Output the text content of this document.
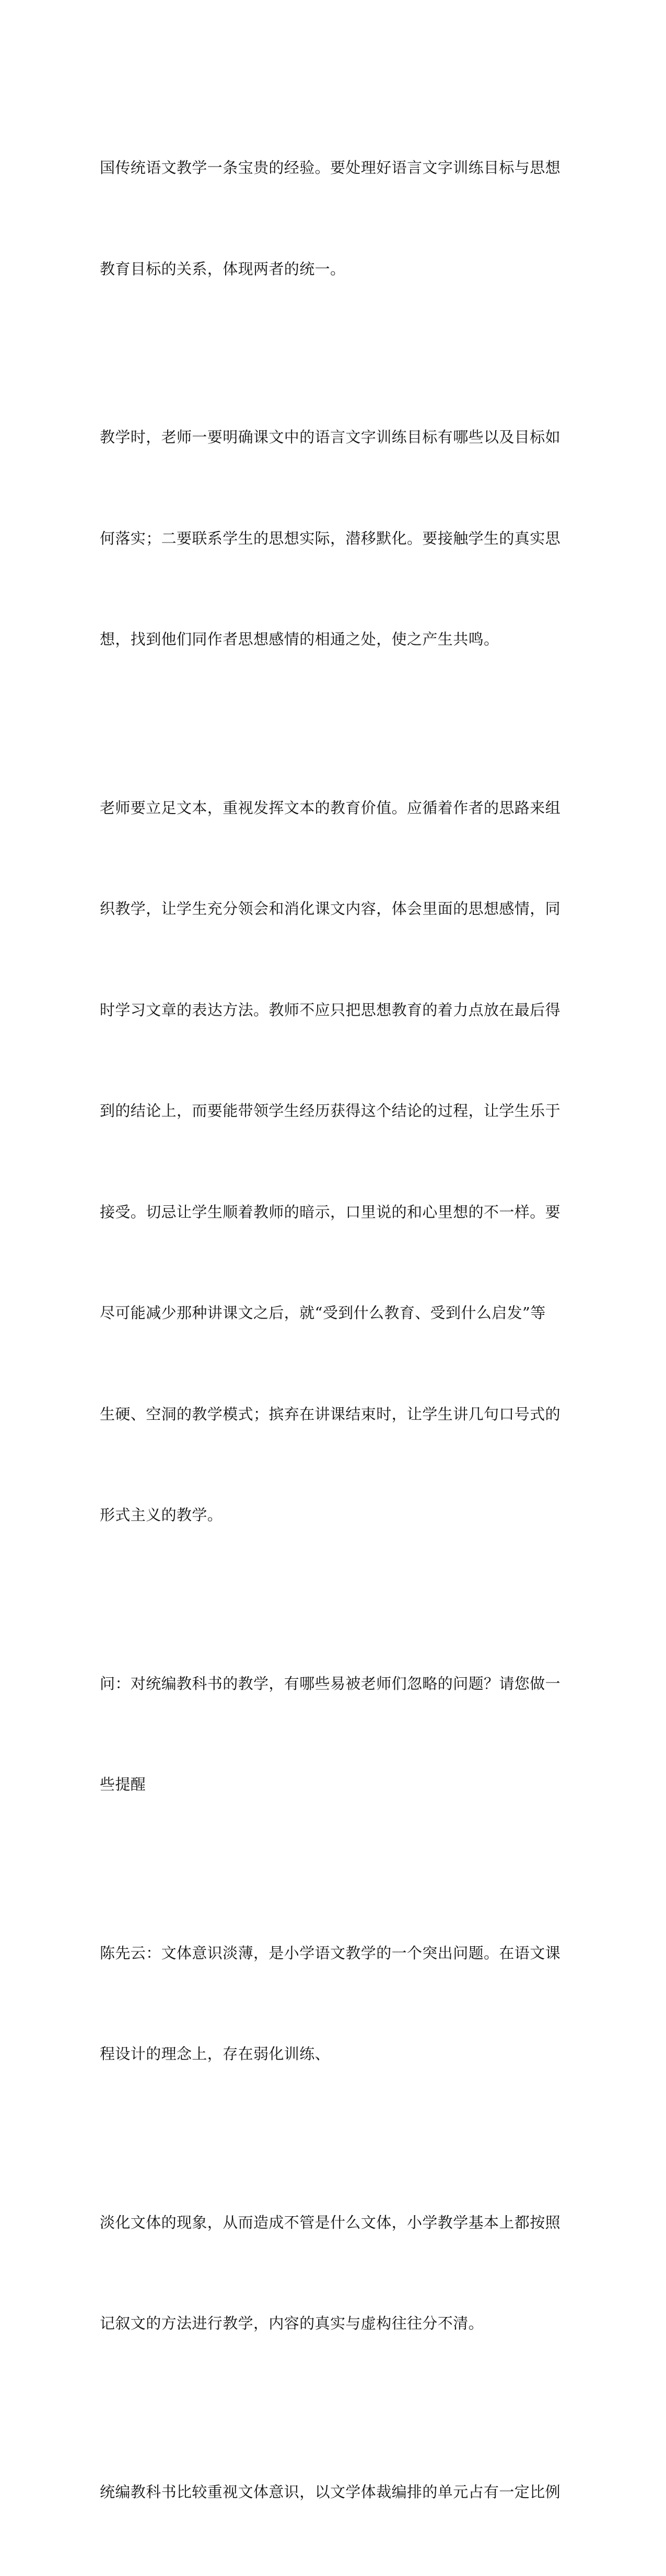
国传统语文教学一条宝贵的经验。要处理好语言文字训练目标与思想

教育目标的关系，体现两者的统一。

教学时，老师一要明确课文中的语言文字训练目标有哪些以及目标如

何落实；二要联系学生的思想实际，潜移默化。要接触学生的真实思

想，找到他们同作者思想感情的相通之处，使之产生共鸣。

老师要立足文本，重视发挥文本的教育价值。应循着作者的思路来组

织教学，让学生充分领会和消化课文内容，体会里面的思想感情，同

时学习文章的表达方法。教师不应只把思想教育的着力点放在最后得

到的结论上，而要能带领学生经历获得这个结论的过程，让学生乐于

接受。切忌让学生顺着教师的暗示，口里说的和心里想的不一样。要

尽可能减少那种讲课文之后，就“受到什么教育、受到什么启发”等

生硬、空洞的教学模式；摈弃在讲课结束时，让学生讲几句口号式的

形式主义的教学。

问：对统编教科书的教学，有哪些易被老师们忽略的问题？请您做一

些提醒

陈先云：文体意识淡薄，是小学语文教学的一个突出问题。在语文课

程设计的理念上，存在弱化训练、

淡化文体的现象，从而造成不管是什么文体，小学教学基本上都按照

记叙文的方法进行教学，内容的真实与虚构往往分不清。

统编教科书比较重视文体意识，以文学体裁编排的单元占有一定比例
